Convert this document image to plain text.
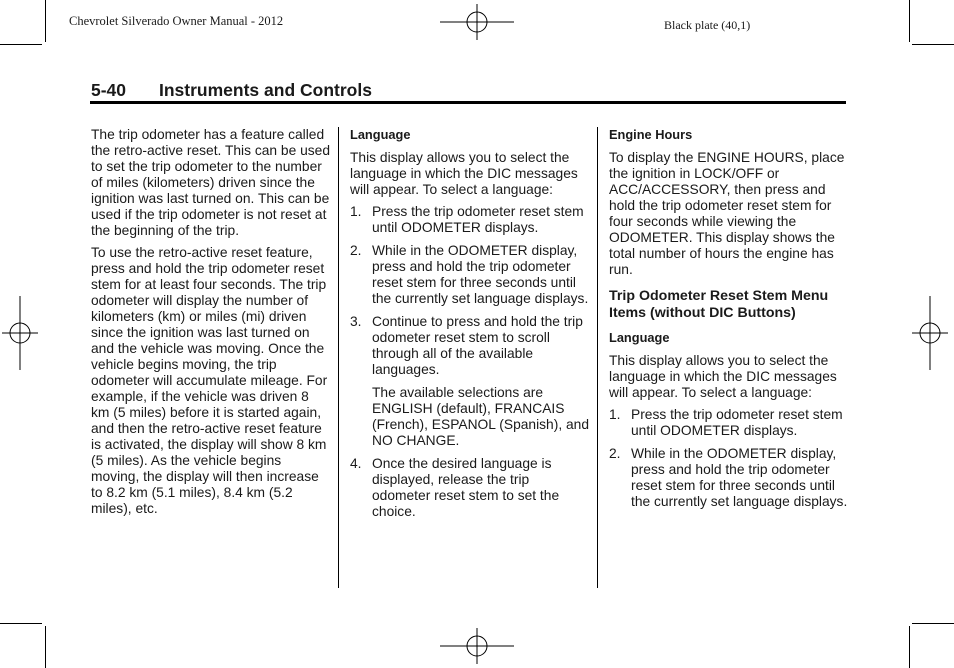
Chevrolet Silverado Owner Manual - 2012	Black plate (40,1)
5-40 Instruments and Controls

The trip odometer has a feature called the retro-active reset. This can be used to set the trip odometer to the number of miles (kilometers) driven since the ignition was last turned on. This can be used if the trip odometer is not reset at the beginning of the trip.

To use the retro-active reset feature, press and hold the trip odometer reset stem for at least four seconds. The trip odometer will display the number of kilometers (km) or miles (mi) driven since the ignition was last turned on and the vehicle was moving. Once the vehicle begins moving, the trip odometer will accumulate mileage. For example, if the vehicle was driven 8 km (5 miles) before it is started again, and then the retro-active reset feature is activated, the display will show 8 km (5 miles). As the vehicle begins moving, the display will then increase to 8.2 km (5.1 miles), 8.4 km (5.2 miles), etc.

Language

This display allows you to select the language in which the DIC messages will appear. To select a language:

1. Press the trip odometer reset stem until ODOMETER displays.
2. While in the ODOMETER display, press and hold the trip odometer reset stem for three seconds until the currently set language displays.
3. Continue to press and hold the trip odometer reset stem to scroll through all of the available languages.
The available selections are ENGLISH (default), FRANCAIS (French), ESPANOL (Spanish), and NO CHANGE.
4. Once the desired language is displayed, release the trip odometer reset stem to set the choice.
Engine Hours

To display the ENGINE HOURS, place the ignition in LOCK/OFF or ACC/ACCESSORY, then press and hold the trip odometer reset stem for four seconds while viewing the ODOMETER. This display shows the total number of hours the engine has run.

Trip Odometer Reset Stem Menu Items (without DIC Buttons)
Language

This display allows you to select the language in which the DIC messages will appear. To select a language:

1. Press the trip odometer reset stem until ODOMETER displays.
2. While in the ODOMETER display, press and hold the trip odometer reset stem for three seconds until the currently set language displays.
